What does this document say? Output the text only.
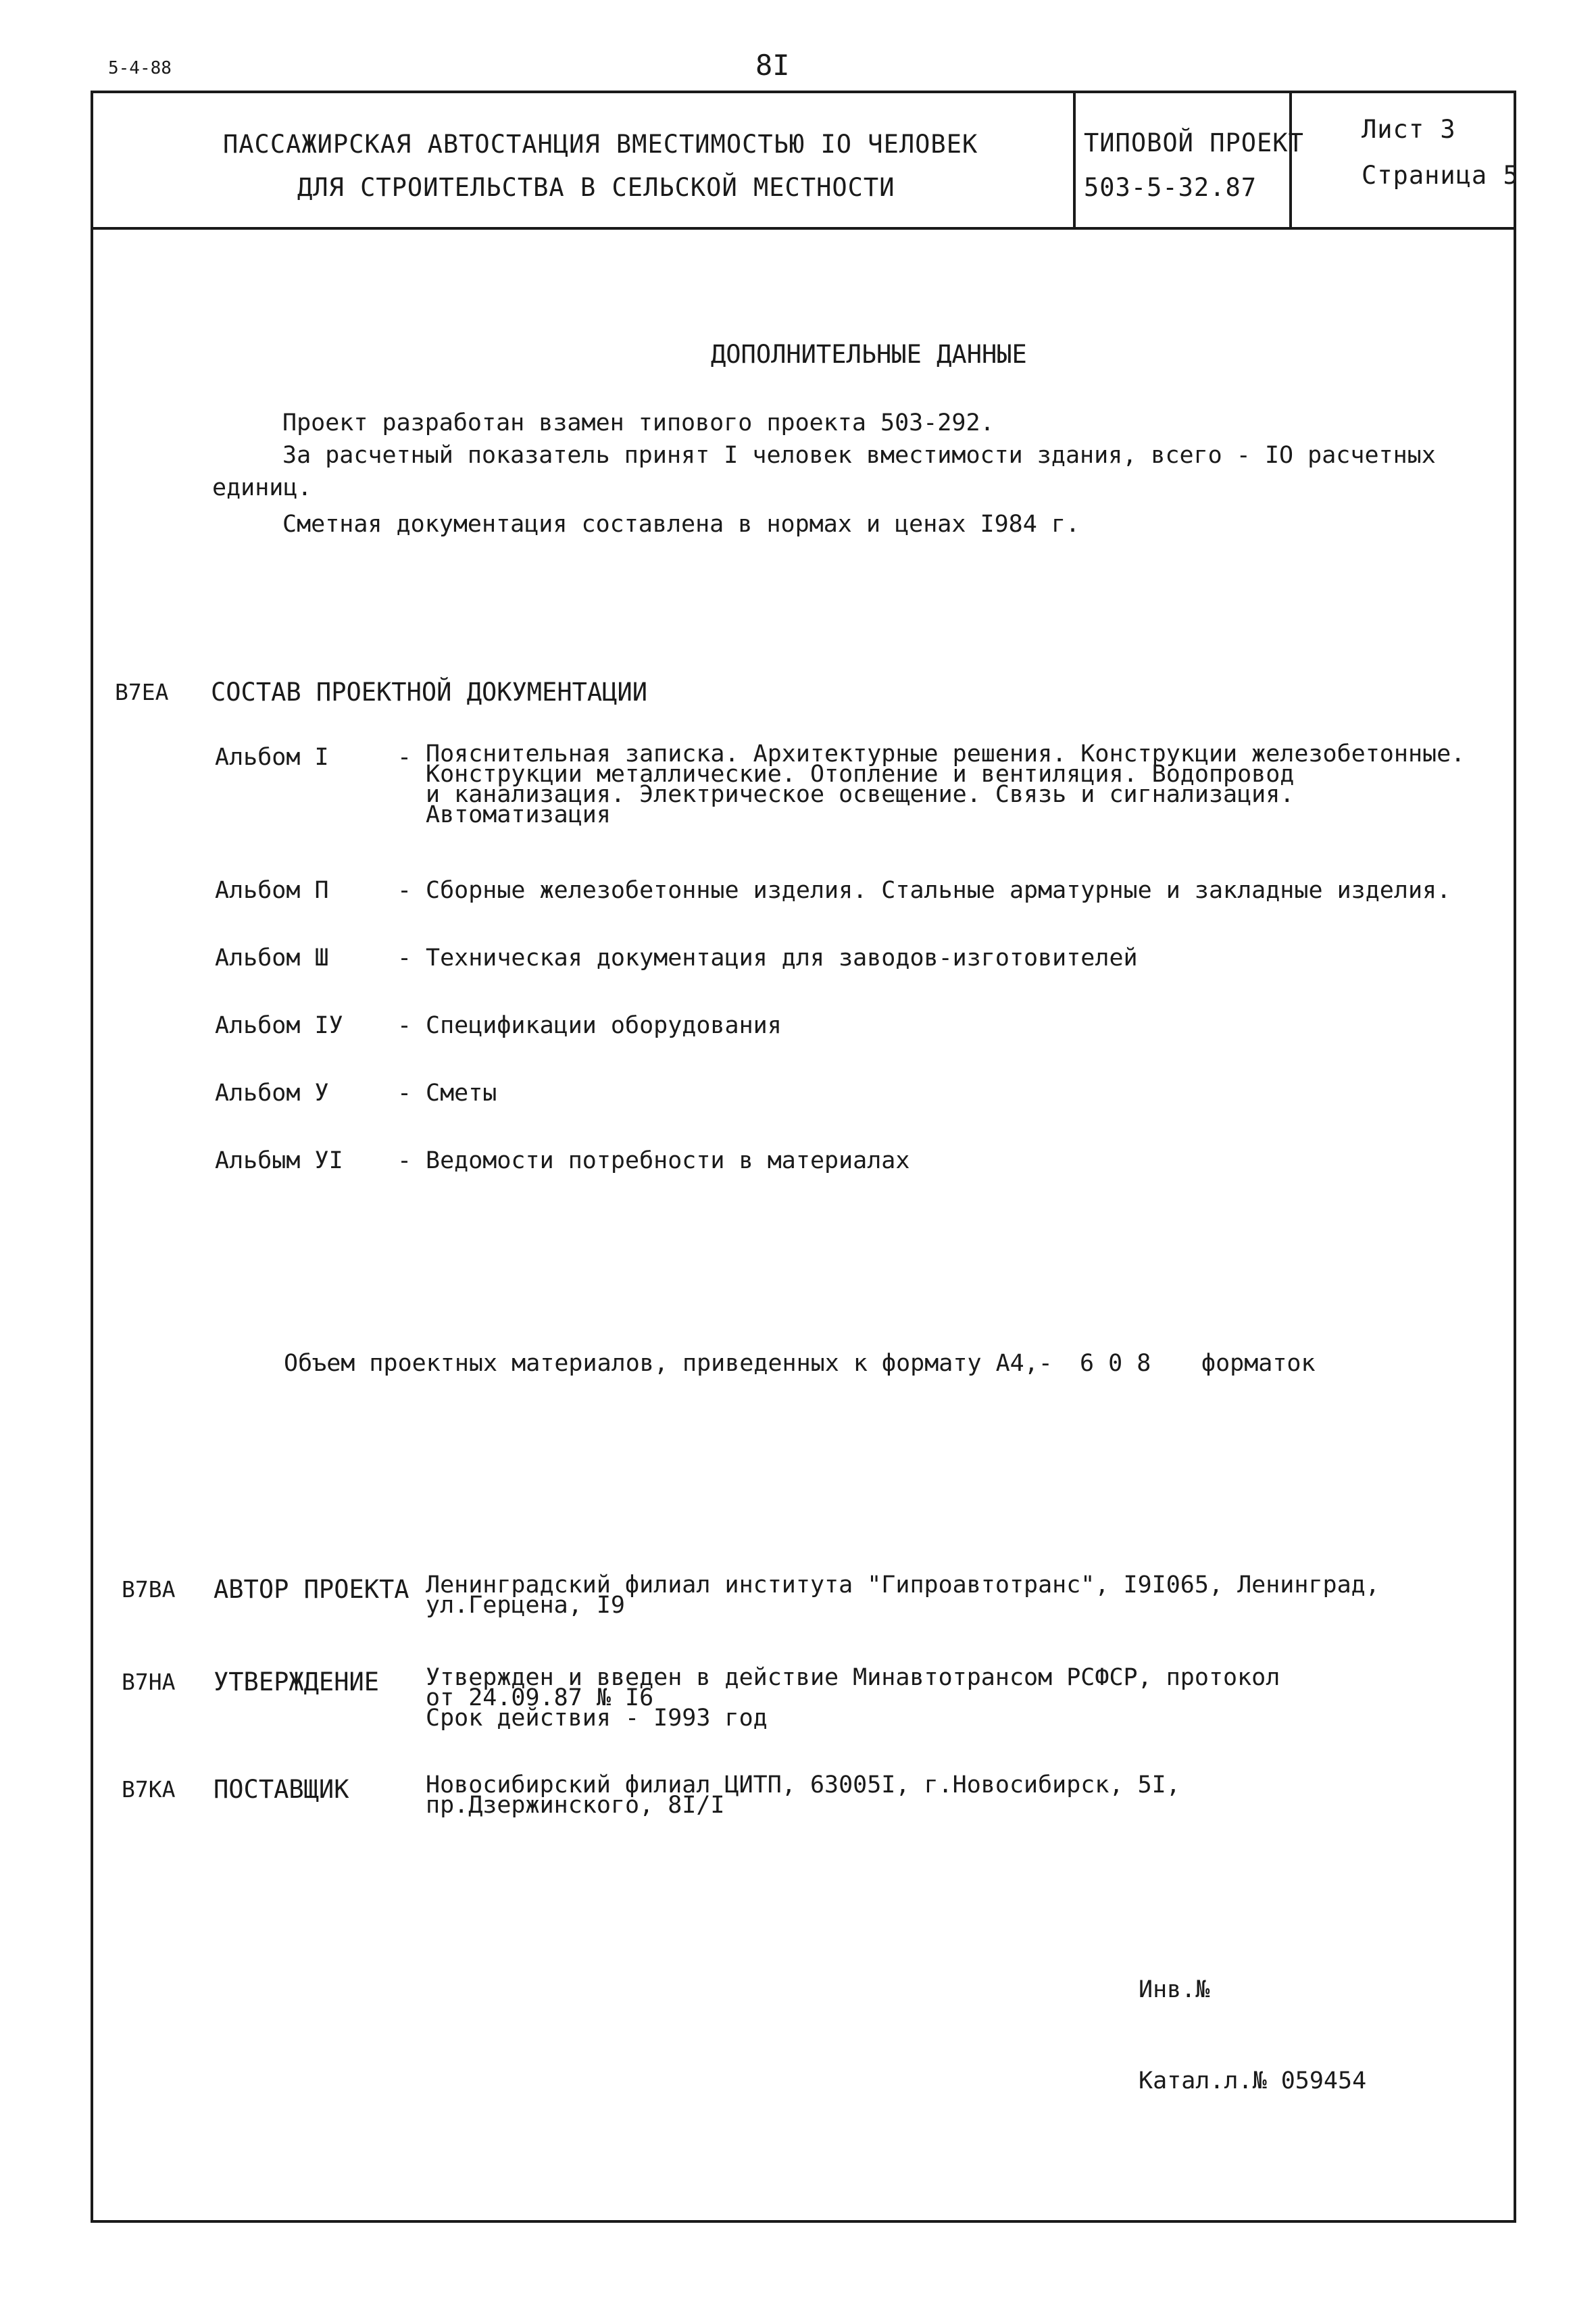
5-4-88	8I
ПАССАЖИРСКАЯ АВТОСТАНЦИЯ ВМЕСТИМОСТЬЮ IO ЧЕЛОВЕК
ДЛЯ СТРОИТЕЛЬСТВА В СЕЛЬСКОЙ МЕСТНОСТИ
ТИПОВОЙ ПРОЕКТ
503-5-32.87
Лист 3
Страница 5
ДОПОЛНИТЕЛЬНЫЕ ДАННЫЕ
Проект разработан взамен типового проекта 503-292.
За расчетный показатель принят I человек вместимости здания, всего - IO расчетных
единиц.
Сметная документация составлена в нормах и ценах I984 г.
В7ЕА СОСТАВ ПРОЕКТНОЙ ДОКУМЕНТАЦИИ
Альбом I	- Пояснительная записка. Архитектурные решения. Конструкции железобетонные.
Конструкции металлические. Отопление и вентиляция. Водопровод
и канализация. Электрическое освещение. Связь и сигнализация.
Автоматизация
Альбом П	- Сборные железобетонные изделия. Стальные арматурные и закладные изделия.
Альбом Ш	- Техническая документация для заводов-изготовителей
Альбом IУ - Спецификации оборудования
Альбом У	- Сметы
Альбым УI - Ведомости потребности в материалах
Объем проектных материалов, приведенных к формату А4,- 6 0 8 форматок
В7ВА АВТОР ПРОЕКТА Ленинградский филиал института "Гипроавтотранс", I9I065, Ленинград,
ул.Герцена, I9
В7НА УТВЕРЖДЕНИЕ Утвержден и введен в действие Минавтотрансом РСФСР, протокол
от 24.09.87 № I6
Срок действия - I993 год
В7КА ПОСТАВЩИК	Новосибирский филиал ЦИТП, 63005I, г.Новосибирск, 5I,
пр.Дзержинского, 8I/I
Инв.№
Катал.л.№ 059454
